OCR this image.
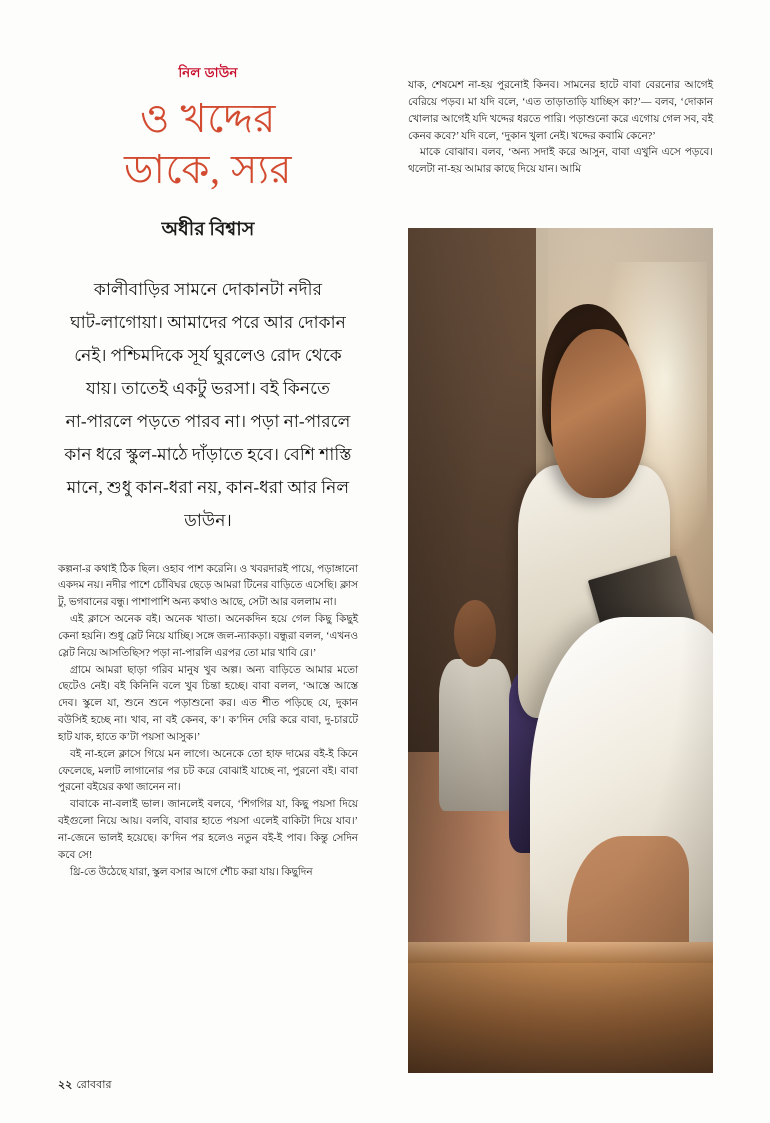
নিল ডাউন
ও খদ্দের
ডাকে, স্যর
অধীর বিশ্বাস
কালীবাড়ির সামনে দোকানটা নদীর ঘাট‑লাগোয়া। আমাদের পরে আর দোকান নেই। পশ্চিমদিকে সূর্য ঘুরলেও রোদ থেকে যায়। তাতেই একটু ভরসা। বই কিনতে না‑পারলে পড়তে পারব না। পড়া না‑পারলে কান ধরে স্কুল‑মাঠে দাঁড়াতে হবে। বেশি শাস্তি মানে, শুধু কান‑ধরা নয়, কান‑ধরা আর নিল ডাউন।

কল্পনা‑র কথাই ঠিক ছিল। ওহাব পাশ করেনি। ও খবরদারই পায়ে, পড়াঙ্গানো একদম নয়। নদীর পাশে চোঁবিঘর ছেড়ে আমরা টিনের বাড়িতে এসেছি। ক্লাস টু, ভগবানের বন্ধু। পাশাপাশি অন্য কথাও আছে, সেটা আর বললাম না।

এই ক্লাসে অনেক বই। অনেক খাতা। অনেকদিন হয়ে গেল কিছু কিছুই কেনা হয়নি। শুধু স্লেট নিয়ে যাচ্ছি। সঙ্গে জল‑ন্যাকড়া। বন্ধুরা বলল, ‘এখনও স্লেট নিয়ে আসতিছিস? পড়া না‑পারলি এরপর তো মার খাবি রে।’

গ্রামে আমরা ছাড়া গরিব মানুষ খুব অল্প। অন্য বাড়িতে আমার মতো ছেটেও নেই। বই কিনিনি বলে খুব চিন্তা হচ্ছে। বাবা বলল, ‘আস্তে আস্তে দেব। স্কুলে যা, শুনে শুনে পড়াশুনো কর। এত শীত পড়িছে যে, দুকান বউসিই হচ্ছে না। খাব, না বই কেনব, ক’। ক’দিন দেরি করে বাবা, দু‑চারটে হাট যাক, হাতে ক’টা পয়সা আসুক।’

বই না‑হলে ক্লাসে গিয়ে মন লাগে। অনেকে তো হাফ দামের বই‑ই কিনে ফেলেছে, মলাট লাগানোর পর চট করে বোঝাই যাচ্ছে না, পুরনো বই। বাবা পুরনো বইয়ের কথা জানেন না।

বাবাকে না‑বলাই ভাল। জানলেই বলবে, ‘শিগগির যা, কিছু পয়সা দিয়ে বইগুলো নিয়ে আয়। বলবি, বাবার হাতে পয়সা এলেই বাকিটা দিয়ে যাব।’ না‑জেনে ভালই হয়েছে। ক’দিন পর হলেও নতুন বই‑ই পাব। কিন্তু সেদিন কবে সে!

থ্রি‑তে উঠেছে যারা, স্কুল বসার আগে শৌচ করা যায়। কিছুদিন

যাক, শেষমেশ না‑হয় পুরনোই কিনব। সামনের হাটে বাবা বেরনোর আগেই বেরিয়ে পড়ব। মা যদি বলে, ‘এত তাড়াতাড়ি যাচ্ছিস কা?’— বলব, ‘দোকান খোলার আগেই যদি খদ্দের ধরতে পারি। পড়াশুনো করে এগোয় গেল সব, বই কেনব কবে?’ যদি বলে, ‘দুকান খুলা নেই। খদ্দের কবামি কেনে?’

মাকে বোঝাব। বলব, ‘অন্য সদাই করে আসুন, বাবা এখুনি এসে পড়বে। থলেটা না‑হয় আমার কাছে দিয়ে যান। আমি

২২ রোববার
